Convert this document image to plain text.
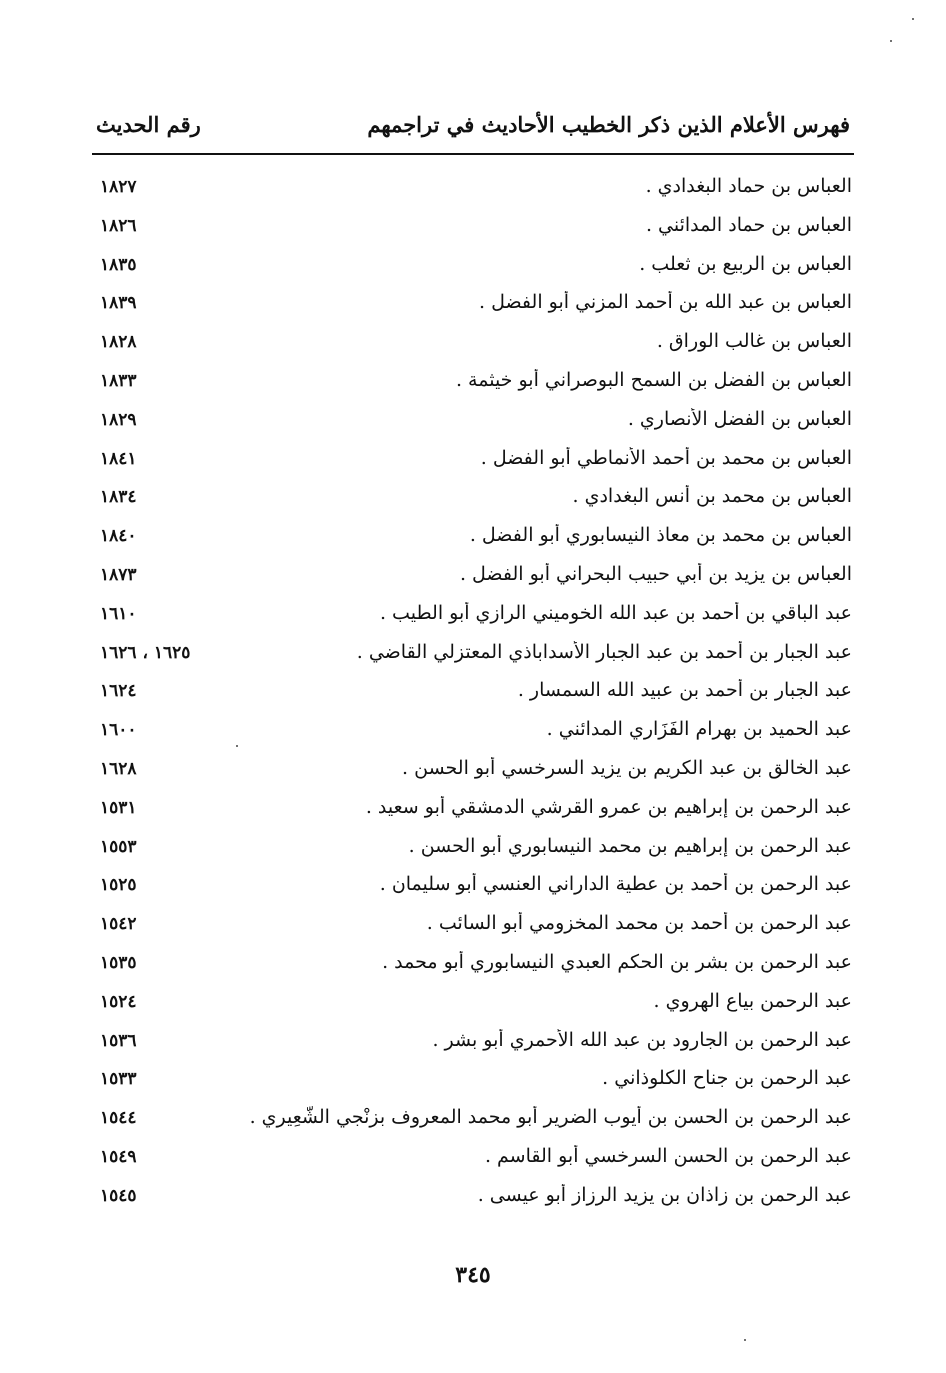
فهرس الأعلام الذين ذكر الخطيب الأحاديث في تراجمهم
رقم الحديث
العباس بن حماد البغدادي .
١٨٢٧
العباس بن حماد المدائني .
١٨٢٦
العباس بن الربيع بن ثعلب .
١٨٣٥
العباس بن عبد الله بن أحمد المزني أبو الفضل .
١٨٣٩
العباس بن غالب الوراق .
١٨٢٨
العباس بن الفضل بن السمح البوصراني أبو خيثمة .
١٨٣٣
العباس بن الفضل الأنصاري .
١٨٢٩
العباس بن محمد بن أحمد الأنماطي أبو الفضل .
١٨٤١
العباس بن محمد بن أنس البغدادي .
١٨٣٤
العباس بن محمد بن معاذ النيسابوري أبو الفضل .
١٨٤٠
العباس بن يزيد بن أبي حبيب البحراني أبو الفضل .
١٨٧٣
عبد الباقي بن أحمد بن عبد الله الخوميني الرازي أبو الطيب .
١٦١٠
عبد الجبار بن أحمد بن عبد الجبار الأسداباذي المعتزلي القاضي .
١٦٢٥ ، ١٦٢٦
عبد الجبار بن أحمد بن عبيد الله السمسار .
١٦٢٤
عبد الحميد بن بهرام الفَزَاري المدائني .
١٦٠٠
عبد الخالق بن عبد الكريم بن يزيد السرخسي أبو الحسن .
١٦٢٨
عبد الرحمن بن إبراهيم بن عمرو القرشي الدمشقي أبو سعيد .
١٥٣١
عبد الرحمن بن إبراهيم بن محمد النيسابوري أبو الحسن .
١٥٥٣
عبد الرحمن بن أحمد بن عطية الداراني العنسي أبو سليمان .
١٥٢٥
عبد الرحمن بن أحمد بن محمد المخزومي أبو السائب .
١٥٤٢
عبد الرحمن بن بشر بن الحكم العبدي النيسابوري أبو محمد .
١٥٣٥
عبد الرحمن بياع الهروي .
١٥٢٤
عبد الرحمن بن الجارود بن عبد الله الأحمري أبو بشر .
١٥٣٦
عبد الرحمن بن جناح الكلوذاني .
١٥٣٣
عبد الرحمن بن الحسن بن أيوب الضرير أبو محمد المعروف بزِنْجي الشُّعِيري .
١٥٤٤
عبد الرحمن بن الحسن السرخسي أبو القاسم .
١٥٤٩
عبد الرحمن بن زاذان بن يزيد الرزاز أبو عيسى .
١٥٤٥
٣٤٥
